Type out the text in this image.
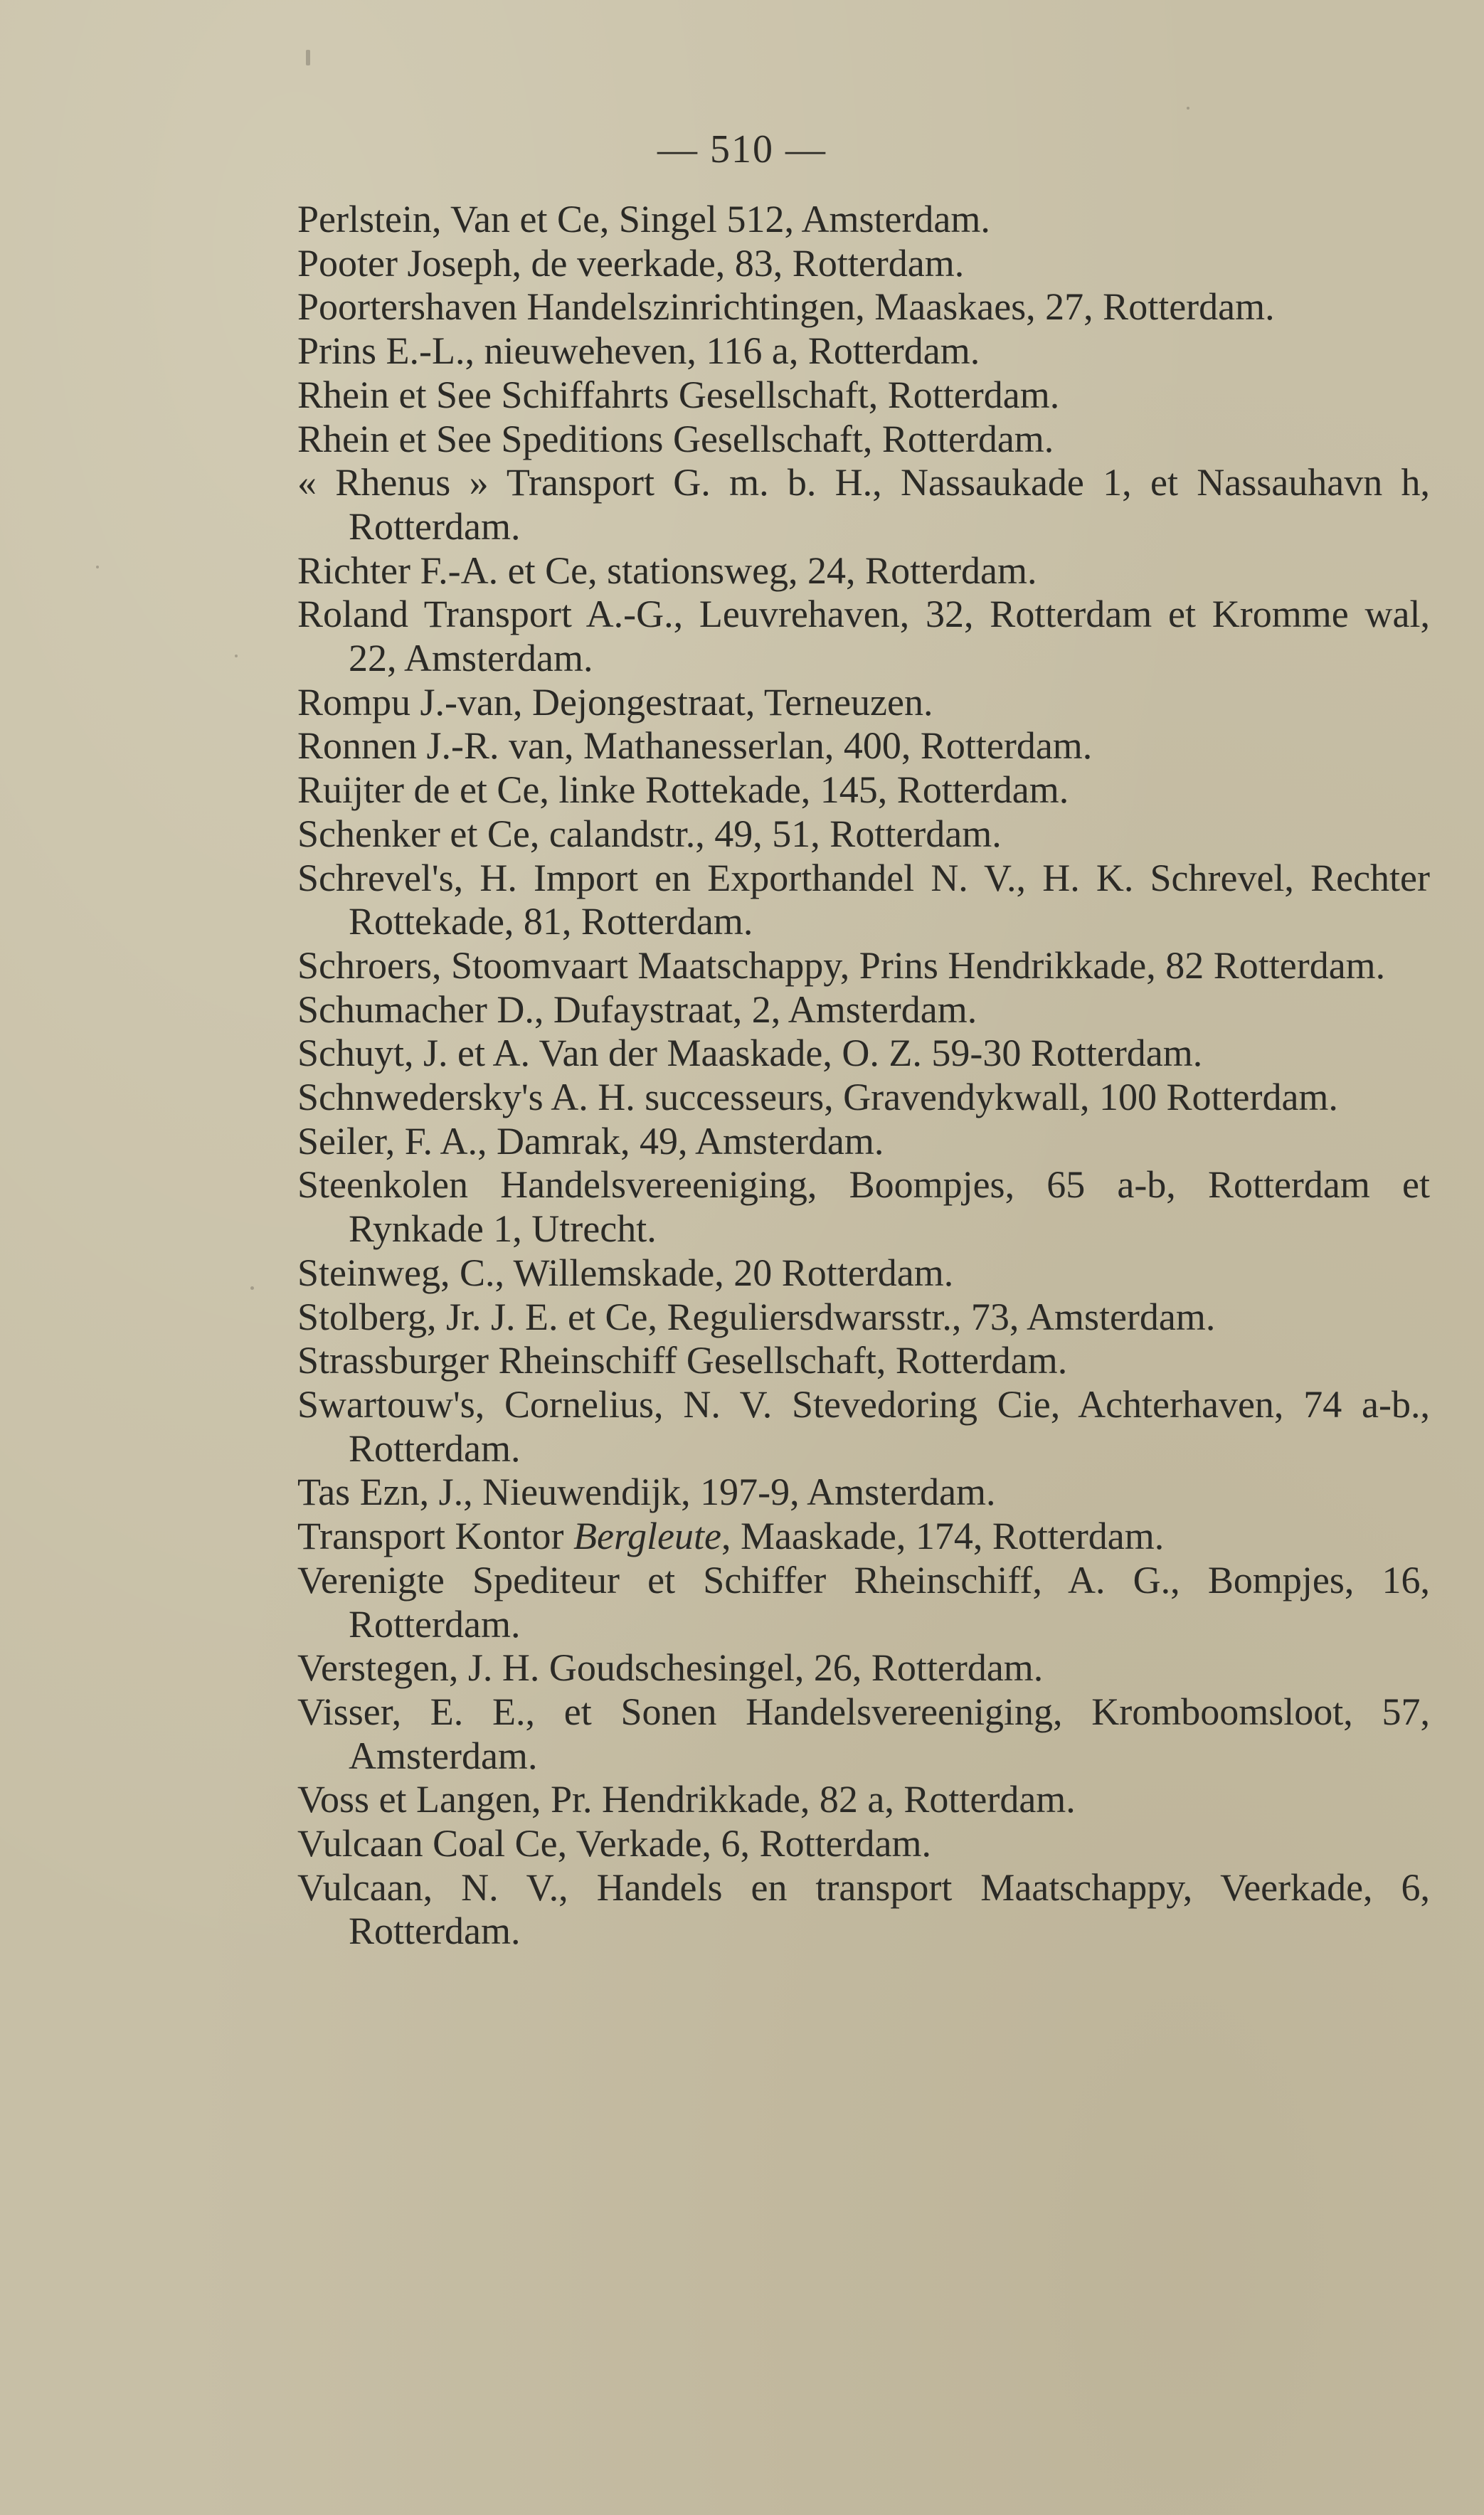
— 510 —
Perlstein, Van et Ce, Singel 512, Amsterdam.
Pooter Joseph, de veerkade, 83, Rotterdam.
Poortershaven Handelszinrichtingen, Maaskaes, 27, Rotterdam.
Prins E.-L., nieuweheven, 116 a, Rotterdam.
Rhein et See Schiffahrts Gesellschaft, Rotterdam.
Rhein et See Speditions Gesellschaft, Rotterdam.
« Rhenus » Transport G. m. b. H., Nassaukade 1, et Nassauhavn h, Rotterdam.
Richter F.-A. et Ce, stationsweg, 24, Rotterdam.
Roland Transport A.-G., Leuvrehaven, 32, Rotterdam et Kromme wal, 22, Amsterdam.
Rompu J.-van, Dejongestraat, Terneuzen.
Ronnen J.-R. van, Mathanesserlan, 400, Rotterdam.
Ruijter de et Ce, linke Rottekade, 145, Rotterdam.
Schenker et Ce, calandstr., 49, 51, Rotterdam.
Schrevel's, H. Import en Exporthandel N. V., H. K. Schrevel, Rechter Rottekade, 81, Rotterdam.
Schroers, Stoomvaart Maatschappy, Prins Hendrikkade, 82 Rotterdam.
Schumacher D., Dufaystraat, 2, Amsterdam.
Schuyt, J. et A. Van der Maaskade, O. Z. 59-30 Rotterdam.
Schnwedersky's A. H. successeurs, Gravendykwall, 100 Rotterdam.
Seiler, F. A., Damrak, 49, Amsterdam.
Steenkolen Handelsvereeniging, Boompjes, 65 a-b, Rotterdam et Rynkade 1, Utrecht.
Steinweg, C., Willemskade, 20 Rotterdam.
Stolberg, Jr. J. E. et Ce, Reguliersdwarsstr., 73, Amsterdam.
Strassburger Rheinschiff Gesellschaft, Rotterdam.
Swartouw's, Cornelius, N. V. Stevedoring Cie, Achterhaven, 74 a-b., Rotterdam.
Tas Ezn, J., Nieuwendijk, 197-9, Amsterdam.
Transport Kontor Bergleute, Maaskade, 174, Rotterdam.
Verenigte Spediteur et Schiffer Rheinschiff, A. G., Bompjes, 16, Rotterdam.
Verstegen, J. H. Goudschesingel, 26, Rotterdam.
Visser, E. E., et Sonen Handelsvereeniging, Kromboomsloot, 57, Amsterdam.
Voss et Langen, Pr. Hendrikkade, 82 a, Rotterdam.
Vulcaan Coal Ce, Verkade, 6, Rotterdam.
Vulcaan, N. V., Handels en transport Maatschappy, Veerkade, 6, Rotterdam.
